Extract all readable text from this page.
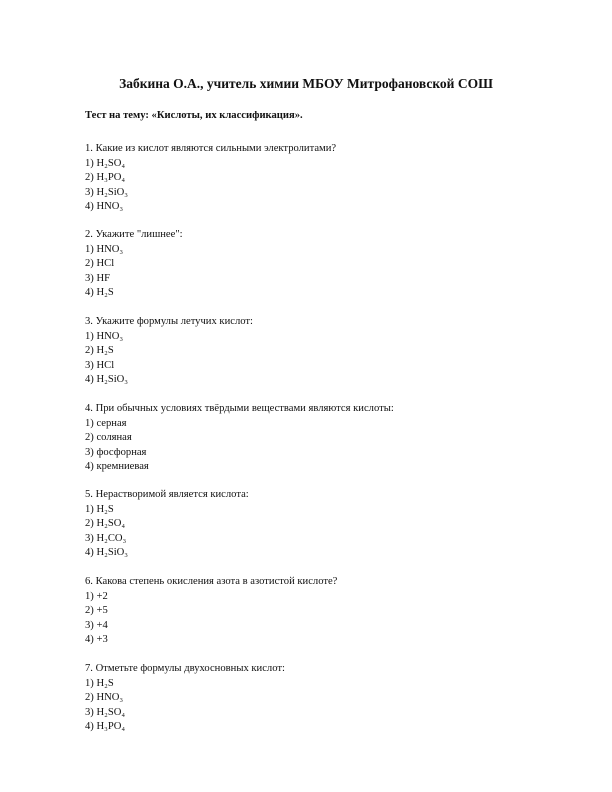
Забкина О.А., учитель химии МБОУ Митрофановской СОШ
Тест на тему: «Кислоты, их классификация».
1. Какие из кислот являются сильными электролитами?
1) H₂SO₄
2) H₃PO₄
3) H₂SiO₃
4) HNO₃
2. Укажите "лишнее":
1) HNO₃
2) HCl
3) HF
4) H₂S
3. Укажите формулы летучих кислот:
1) HNO₃
2) H₂S
3) HCl
4) H₂SiO₃
4. При обычных условиях твёрдыми веществами являются кислоты:
1) серная
2) соляная
3) фосфорная
4) кремниевая
5. Нерастворимой является кислота:
1) H₂S
2) H₂SO₄
3) H₂CO₃
4) H₂SiO₃
6. Какова степень окисления азота в азотистой кислоте?
1) +2
2) +5
3) +4
4) +3
7. Отметьте формулы двухосновных кислот:
1) H₂S
2) HNO₃
3) H₂SO₄
4) H₃PO₄
